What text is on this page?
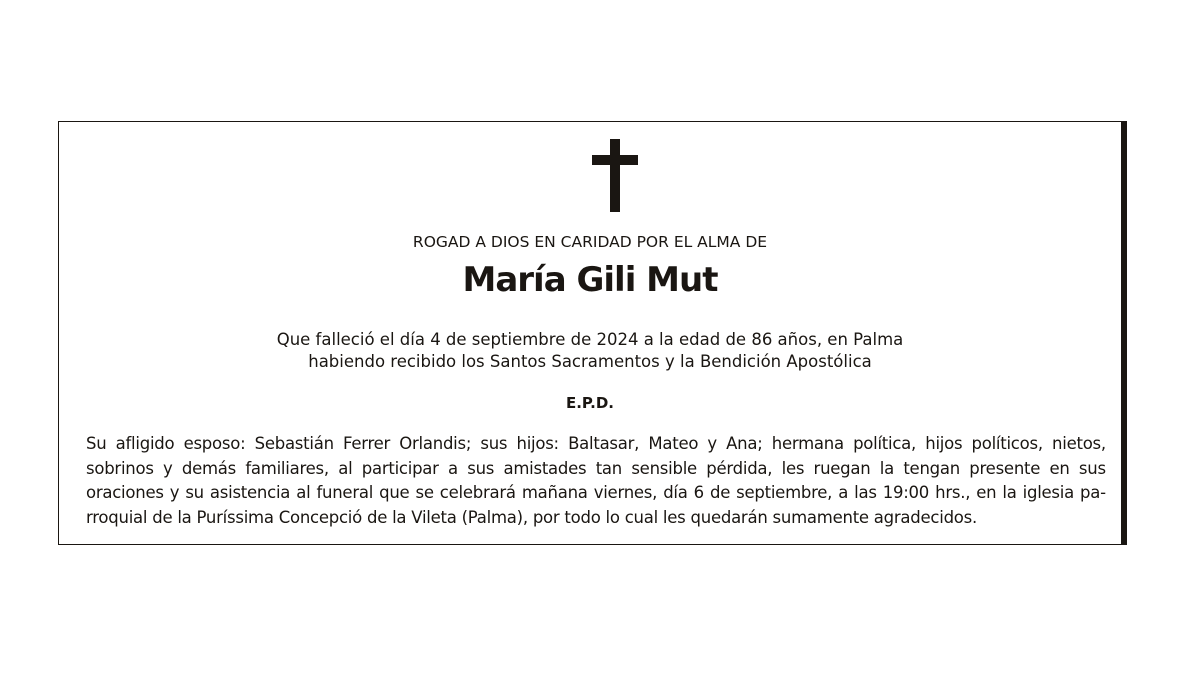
ROGAD A DIOS EN CARIDAD POR EL ALMA DE
María Gili Mut
Que falleció el día 4 de septiembre de 2024 a la edad de 86 años, en Palma
habiendo recibido los Santos Sacramentos y la Bendición Apostólica
E.P.D.
Su afligido esposo: Sebastián Ferrer Orlandis; sus hijos: Baltasar, Mateo y Ana; hermana política, hijos políticos, nietos,
sobrinos y demás familiares, al participar a sus amistades tan sensible pérdida, les ruegan la tengan presente en sus
oraciones y su asistencia al funeral que se celebrará mañana viernes, día 6 de septiembre, a las 19:00 hrs., en la iglesia pa-
rroquial de la Puríssima Concepció de la Vileta (Palma), por todo lo cual les quedarán sumamente agradecidos.
